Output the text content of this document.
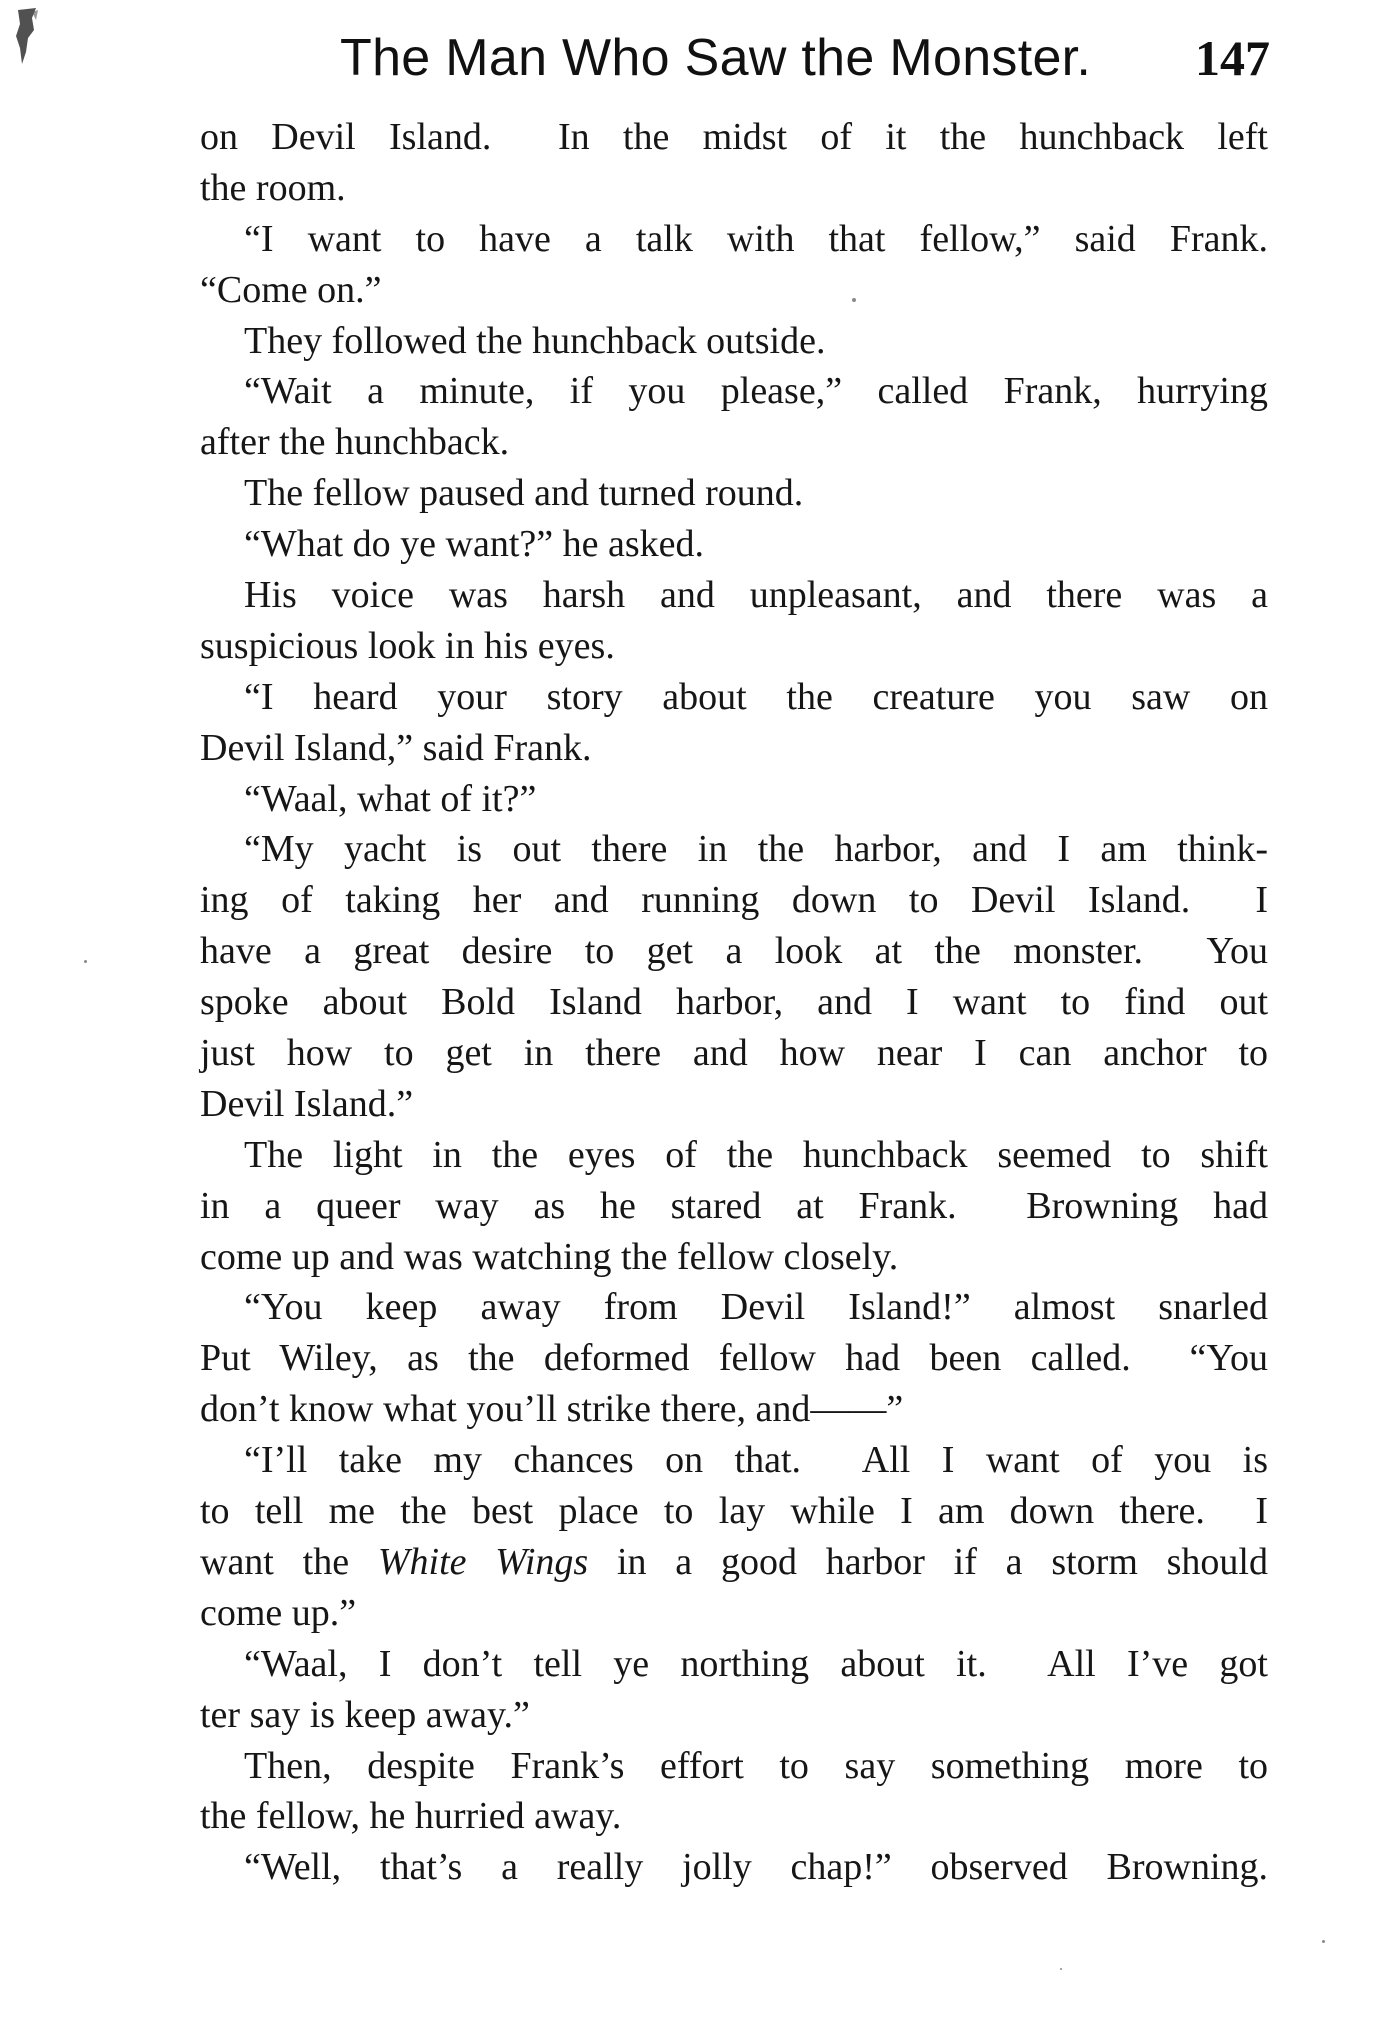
The Man Who Saw the Monster. 147
on Devil Island.  In the midst of it the hunchback left
the room.
“I want to have a talk with that fellow,” said Frank.
“Come on.”
They followed the hunchback outside.
“Wait a minute, if you please,” called Frank, hurrying
after the hunchback.
The fellow paused and turned round.
“What do ye want?” he asked.
His voice was harsh and unpleasant, and there was a
suspicious look in his eyes.
“I heard your story about the creature you saw on
Devil Island,” said Frank.
“Waal, what of it?”
“My yacht is out there in the harbor, and I am think-
ing of taking her and running down to Devil Island.  I
have a great desire to get a look at the monster.  You
spoke about Bold Island harbor, and I want to find out
just how to get in there and how near I can anchor to
Devil Island.”
The light in the eyes of the hunchback seemed to shift
in a queer way as he stared at Frank.  Browning had
come up and was watching the fellow closely.
“You keep away from Devil Island!” almost snarled
Put Wiley, as the deformed fellow had been called.  “You
don’t know what you’ll strike there, and——”
“I’ll take my chances on that.  All I want of you is
to tell me the best place to lay while I am down there.  I
want the White Wings in a good harbor if a storm should
come up.”
“Waal, I don’t tell ye northing about it.  All I’ve got
ter say is keep away.”
Then, despite Frank’s effort to say something more to
the fellow, he hurried away.
“Well, that’s a really jolly chap!” observed Browning.
